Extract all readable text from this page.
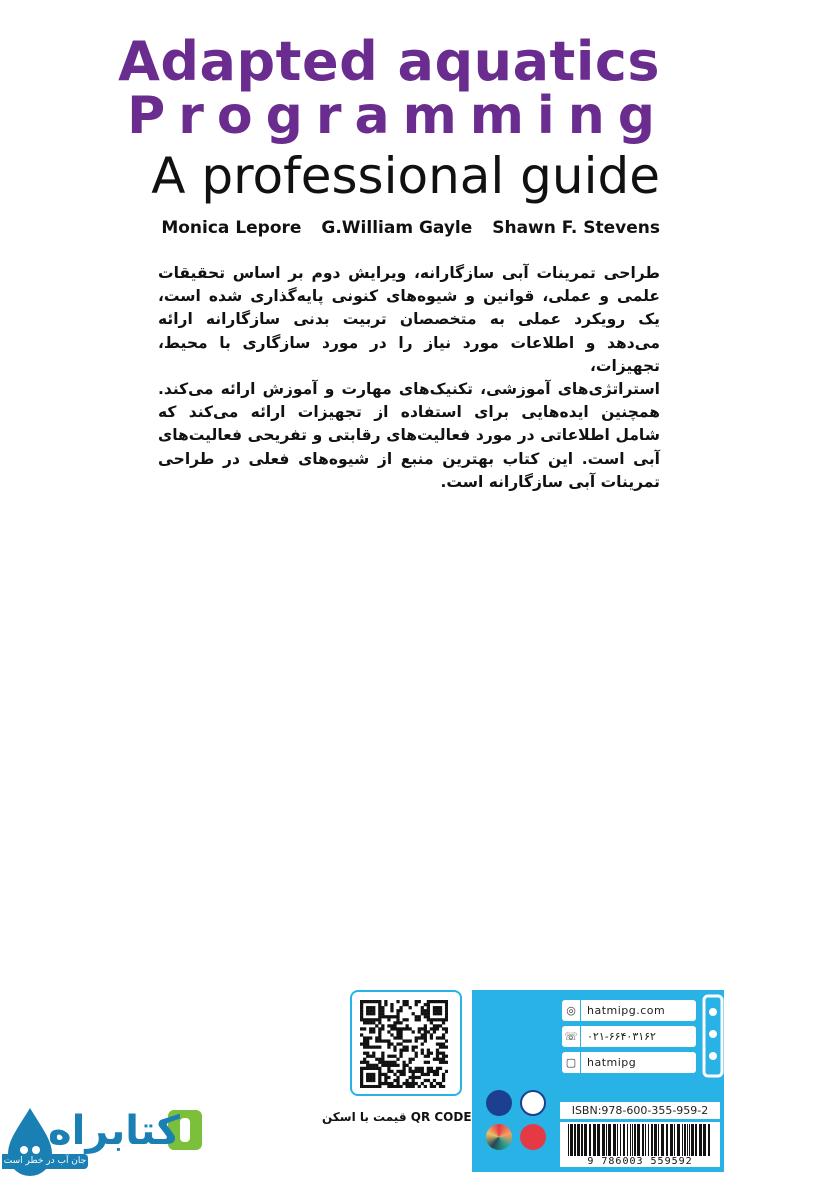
Adapted aquatics
Programming
A professional guide
Monica Lepore G.William Gayle Shawn F. Stevens
طراحی تمرینات آبی سازگارانه، ویرایش دوم بر اساس تحقیقات
علمی و عملی، قوانین و شیوه‌های کنونی پایه‌گذاری شده است،
یک رویکرد عملی به متخصصان تربیت بدنی سازگارانه ارائه
می‌دهد و اطلاعات مورد نیاز را در مورد سازگاری با محیط، تجهیزات،
استراتژی‌های آموزشی، تکنیک‌های مهارت و آموزش ارائه می‌کند.
همچنین ایده‌هایی برای استفاده از تجهیزات ارائه می‌کند که
شامل اطلاعاتی در مورد فعالیت‌های رقابتی و تفریحی فعالیت‌های
آبی است. این کتاب بهترین منبع از شیوه‌های فعلی در طراحی
تمرینات آبی سازگارانه است.
قیمت با اسکن QR CODE
◎	hatmipg.com
☏ ۰۲۱-۶۶۴۰۳۱۶۲
▢ hatmipg
حتمی ناشر علوم ورزشی و پزشکی
ISBN:978-600-355-959-2
9 786003 559592
کتابراه
جان آب در خطر است
